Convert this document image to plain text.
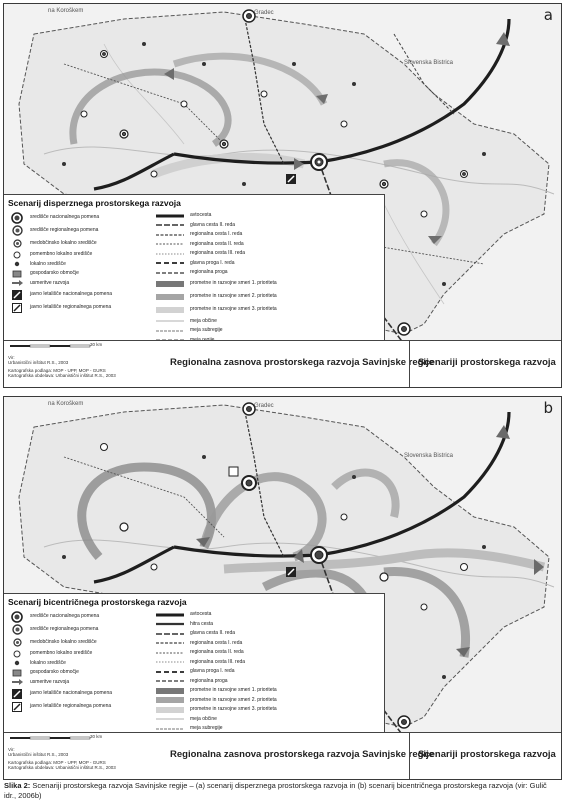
a
Gradec
Slovenska Bistrica
na Koroškem
Scenarij disperznega prostorskega razvoja
središče nacionalnega pomena
središče regionalnega pomena
medobčinsko lokalno središče
pomembno lokalno središče
lokalno središče
gospodarsko območje
usmeritve razvoja
javno letališče nacionalnega pomena
javno letališče regionalnega pomena
avtocesta
glavna cesta II. reda
regionalna cesta I. reda
regionalna cesta II. reda
regionalna cesta III. reda
glavna proga I. reda
regionalna proga
prometne in razvojne smeri 1. prioriteta
prometne in razvojne smeri 2. prioriteta
prometne in razvojne smeri 3. prioriteta
meja občine
meja subregije
30 km
Vir:
Urbanistični inštitut R.S., 2003
Kartografska podlaga: MOP - UPP, MOP - GURS
Kartografska obdelava: Urbanistični inštitut R.S., 2003
Regionalna zasnova prostorskega razvoja Savinjske regije
Scenariji prostorskega razvoja
b
Gradec
Slovenska Bistrica
na Koroškem
Scenarij bicentričnega prostorskega razvoja
središče nacionalnega pomena
središče regionalnega pomena
medobčinsko lokalno središče
pomembno lokalno središče
lokalno središče
gospodarsko območje
usmeritve razvoja
javno letališče nacionalnega pomena
javno letališče regionalnega pomena
avtocesta
hitra cesta
glavna cesta II. reda
regionalna cesta I. reda
regionalna cesta II. reda
regionalna cesta III. reda
glavna proga I. reda
regionalna proga
prometne in razvojne smeri 1. prioriteta
prometne in razvojne smeri 2. prioriteta
prometne in razvojne smeri 3. prioriteta
meja občine
meja subregije
30 km
Vir:
Urbanistični inštitut R.S., 2003
Kartografska podlaga: MOP - UPP, MOP - GURS
Kartografska obdelava: Urbanistični inštitut R.S., 2003
Regionalna zasnova prostorskega razvoja Savinjske regije
Scenariji prostorskega razvoja
Slika 2: Scenariji prostorskega razvoja Savinjske regije – (a) scenarij disperznega prostorskega razvoja in (b) scenarij bicentričnega prostorskega razvoja (vir: Gulič idr., 2006b)
